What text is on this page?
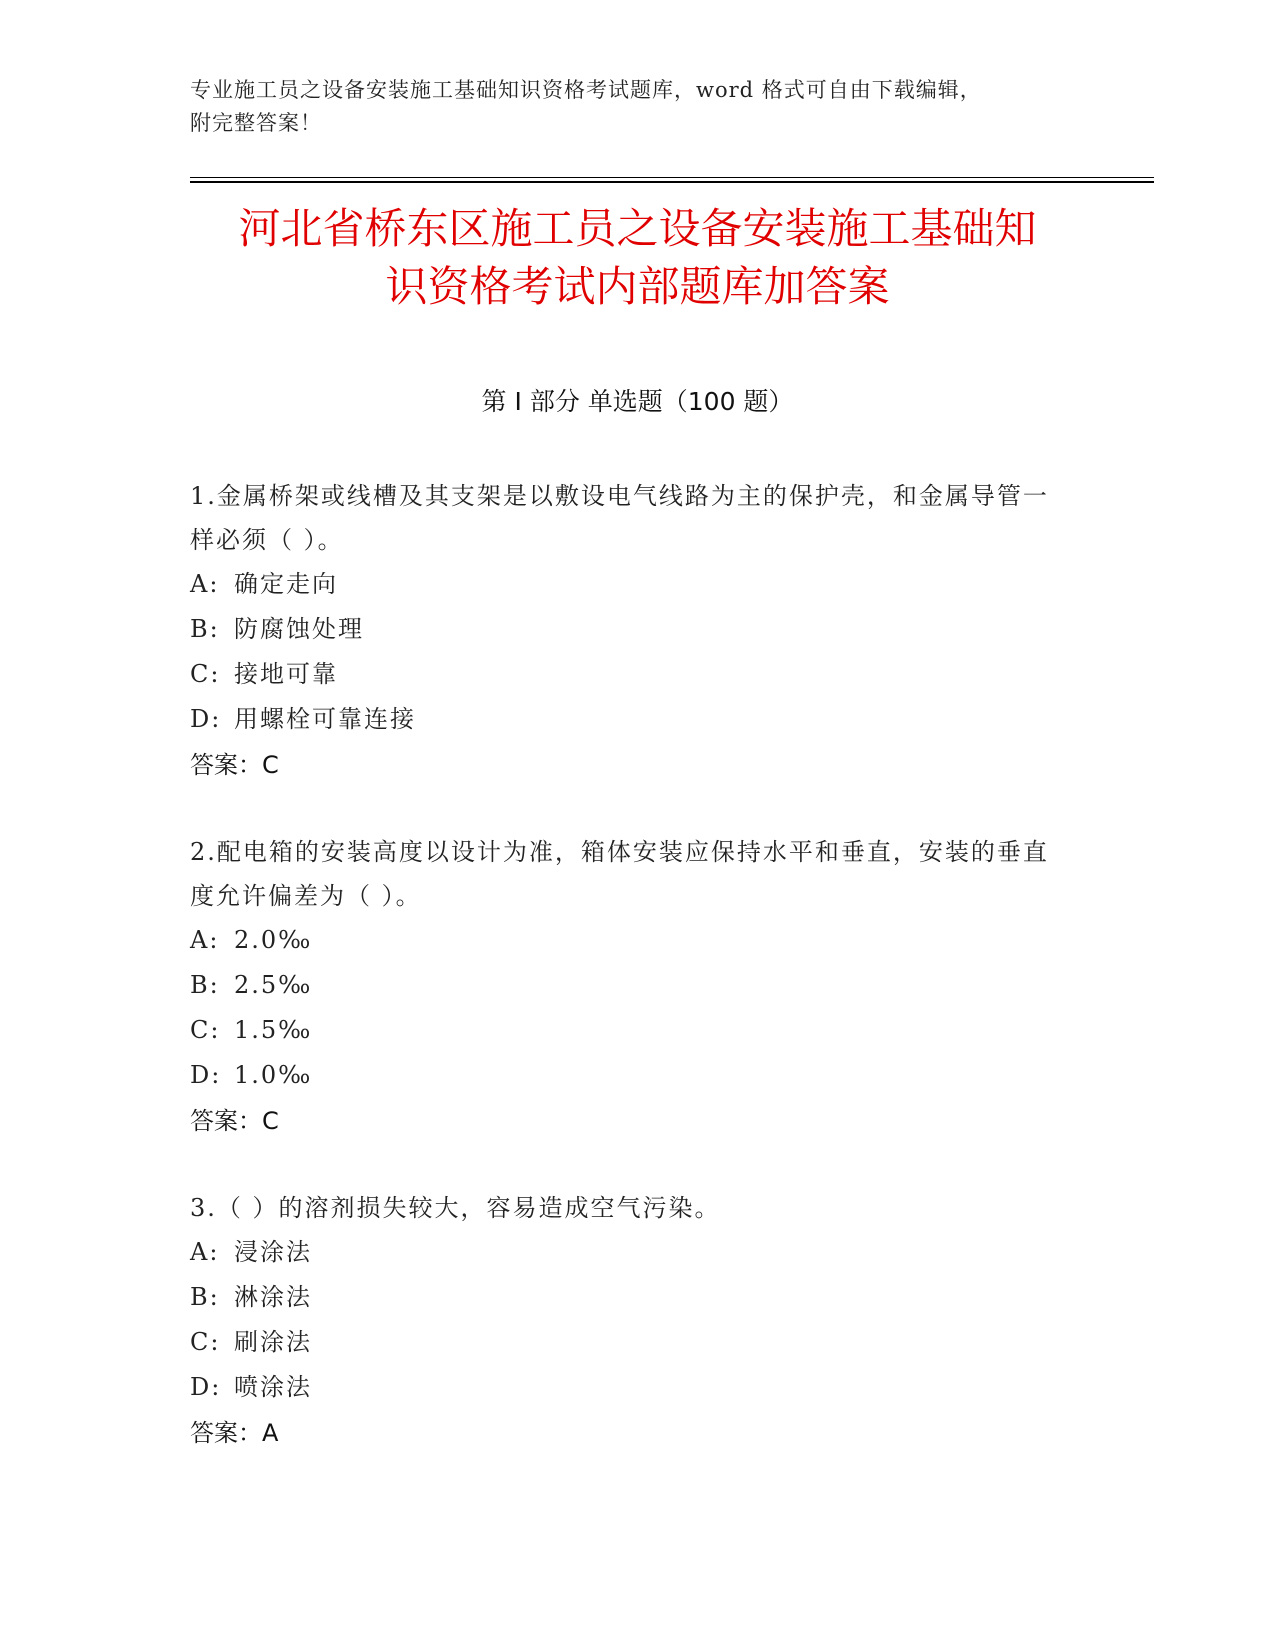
专业施工员之设备安装施工基础知识资格考试题库，word 格式可自由下载编辑，
附完整答案！
河北省桥东区施工员之设备安装施工基础知
识资格考试内部题库加答案
第 I 部分 单选题（100 题）

1.金属桥架或线槽及其支架是以敷设电气线路为主的保护壳，和金属导管一样必须（ ）。

A: 确定走向

B: 防腐蚀处理

C: 接地可靠

D: 用螺栓可靠连接

答案：C

2.配电箱的安装高度以设计为准，箱体安装应保持水平和垂直，安装的垂直度允许偏差为（ ）。

A: 2.0‰

B: 2.5‰

C: 1.5‰

D: 1.0‰

答案：C

3.（ ）的溶剂损失较大，容易造成空气污染。

A: 浸涂法

B: 淋涂法

C: 刷涂法

D: 喷涂法

答案：A
